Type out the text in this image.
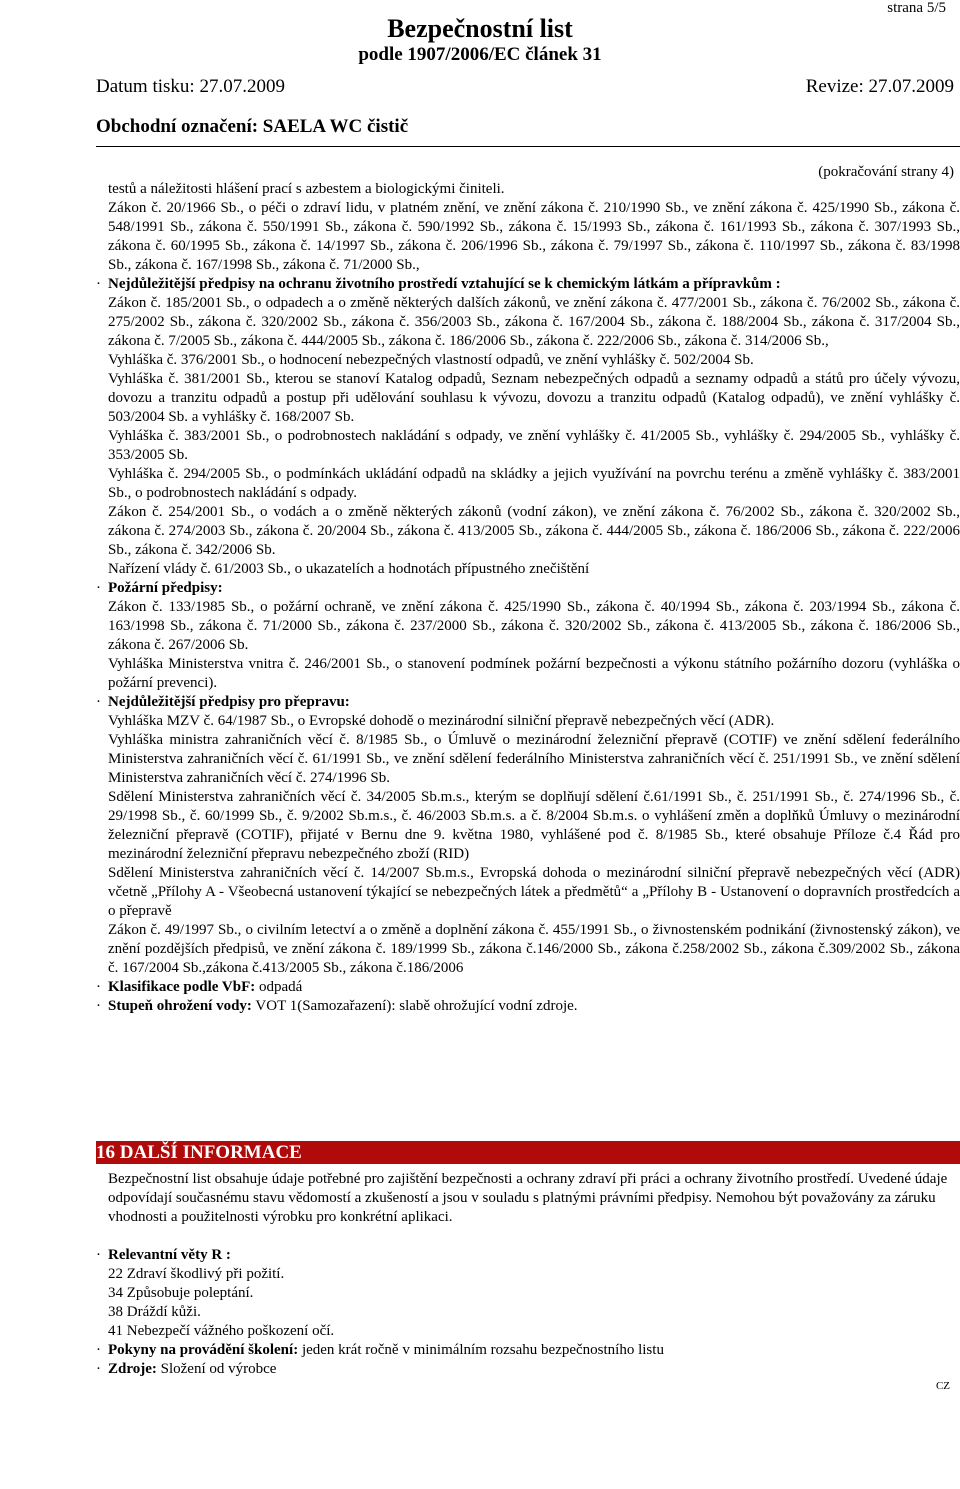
strana 5/5
Bezpečnostní list
podle 1907/2006/EC článek 31
Datum tisku: 27.07.2009	Revize: 27.07.2009
Obchodní označení: SAELA WC čistič
(pokračování strany 4)

testů a náležitosti hlášení prací s azbestem a biologickými činiteli.

Zákon č. 20/1966 Sb., o péči o zdraví lidu, v platném znění, ve znění zákona č. 210/1990 Sb., ve znění zákona č. 425/1990 Sb., zákona č. 548/1991 Sb., zákona č. 550/1991 Sb., zákona č. 590/1992 Sb., zákona č. 15/1993 Sb., zákona č. 161/1993 Sb., zákona č. 307/1993 Sb., zákona č. 60/1995 Sb., zákona č. 14/1997 Sb., zákona č. 206/1996 Sb., zákona č. 79/1997 Sb., zákona č. 110/1997 Sb., zákona č. 83/1998 Sb., zákona č. 167/1998 Sb., zákona č. 71/2000 Sb.,

· Nejdůležitější předpisy na ochranu životního prostředí vztahující se k chemickým látkám a přípravkům :

Zákon č. 185/2001 Sb., o odpadech a o změně některých dalších zákonů, ve znění zákona č. 477/2001 Sb., zákona č. 76/2002 Sb., zákona č. 275/2002 Sb., zákona č. 320/2002 Sb., zákona č. 356/2003 Sb., zákona č. 167/2004 Sb., zákona č. 188/2004 Sb., zákona č. 317/2004 Sb., zákona č. 7/2005 Sb., zákona č. 444/2005 Sb., zákona č. 186/2006 Sb., zákona č. 222/2006 Sb., zákona č. 314/2006 Sb.,

Vyhláška č. 376/2001 Sb., o hodnocení nebezpečných vlastností odpadů, ve znění vyhlášky č. 502/2004 Sb.

Vyhláška č. 381/2001 Sb., kterou se stanoví Katalog odpadů, Seznam nebezpečných odpadů a seznamy odpadů a států pro účely vývozu, dovozu a tranzitu odpadů a postup při udělování souhlasu k vývozu, dovozu a tranzitu odpadů (Katalog odpadů), ve znění vyhlášky č. 503/2004 Sb. a vyhlášky č. 168/2007 Sb.

Vyhláška č. 383/2001 Sb., o podrobnostech nakládání s odpady, ve znění vyhlášky č. 41/2005 Sb., vyhlášky č. 294/2005 Sb., vyhlášky č. 353/2005 Sb.

Vyhláška č. 294/2005 Sb., o podmínkách ukládání odpadů na skládky a jejich využívání na povrchu terénu a změně vyhlášky č. 383/2001 Sb., o podrobnostech nakládání s odpady.

Zákon č. 254/2001 Sb., o vodách a o změně některých zákonů (vodní zákon), ve znění zákona č. 76/2002 Sb., zákona č. 320/2002 Sb., zákona č. 274/2003 Sb., zákona č. 20/2004 Sb., zákona č. 413/2005 Sb., zákona č. 444/2005 Sb., zákona č. 186/2006 Sb., zákona č. 222/2006 Sb., zákona č. 342/2006 Sb.

Nařízení vlády č. 61/2003 Sb., o ukazatelích a hodnotách přípustného znečištění

· Požární předpisy:

Zákon č. 133/1985 Sb., o požární ochraně, ve znění zákona č. 425/1990 Sb., zákona č. 40/1994 Sb., zákona č. 203/1994 Sb., zákona č. 163/1998 Sb., zákona č. 71/2000 Sb., zákona č. 237/2000 Sb., zákona č. 320/2002 Sb., zákona č. 413/2005 Sb., zákona č. 186/2006 Sb., zákona č. 267/2006 Sb.

Vyhláška Ministerstva vnitra č. 246/2001 Sb., o stanovení podmínek požární bezpečnosti a výkonu státního požárního dozoru (vyhláška o požární prevenci).

· Nejdůležitější předpisy pro přepravu:

Vyhláška MZV č. 64/1987 Sb., o Evropské dohodě o mezinárodní silniční přepravě nebezpečných věcí (ADR).

Vyhláška ministra zahraničních věcí č. 8/1985 Sb., o Úmluvě o mezinárodní železniční přepravě (COTIF) ve znění sdělení federálního Ministerstva zahraničních věcí č. 61/1991 Sb., ve znění sdělení federálního Ministerstva zahraničních věcí č. 251/1991 Sb., ve znění sdělení Ministerstva zahraničních věcí č. 274/1996 Sb.

Sdělení Ministerstva zahraničních věcí č. 34/2005 Sb.m.s., kterým se doplňují sdělení č.61/1991 Sb., č. 251/1991 Sb., č. 274/1996 Sb., č. 29/1998 Sb., č. 60/1999 Sb., č. 9/2002 Sb.m.s., č. 46/2003 Sb.m.s. a č. 8/2004 Sb.m.s. o vyhlášení změn a doplňků Úmluvy o mezinárodní železniční přepravě (COTIF), přijaté v Bernu dne 9. května 1980, vyhlášené pod č. 8/1985 Sb., které obsahuje Příloze č.4 Řád pro mezinárodní železniční přepravu nebezpečného zboží (RID)

Sdělení Ministerstva zahraničních věcí č. 14/2007 Sb.m.s., Evropská dohoda o mezinárodní silniční přepravě nebezpečných věcí (ADR) včetně „Přílohy A - Všeobecná ustanovení týkající se nebezpečných látek a předmětů“ a „Přílohy B - Ustanovení o dopravních prostředcích a o přepravě

Zákon č. 49/1997 Sb., o civilním letectví a o změně a doplnění zákona č. 455/1991 Sb., o živnostenském podnikání (živnostenský zákon), ve znění pozdějších předpisů, ve znění zákona č. 189/1999 Sb., zákona č.146/2000 Sb., zákona č.258/2002 Sb., zákona č.309/2002 Sb., zákona č. 167/2004 Sb.,zákona č.413/2005 Sb., zákona č.186/2006

· Klasifikace podle VbF: odpadá

· Stupeň ohrožení vody: VOT 1(Samozařazení): slabě ohrožující vodní zdroje.

16 DALŠÍ INFORMACE

Bezpečnostní list obsahuje údaje potřebné pro zajištění bezpečnosti a ochrany zdraví při práci a ochrany životního prostředí. Uvedené údaje odpovídají současnému stavu vědomostí a zkušeností a jsou v souladu s platnými právními předpisy. Nemohou být považovány za záruku vhodnosti a použitelnosti výrobku pro konkrétní aplikaci.

· Relevantní věty R :

22 Zdraví škodlivý při požití.

34 Způsobuje poleptání.

38 Dráždí kůži.

41 Nebezpečí vážného poškození očí.

· Pokyny na provádění školení: jeden krát ročně v minimálním rozsahu bezpečnostního listu

· Zdroje: Složení od výrobce

CZ
